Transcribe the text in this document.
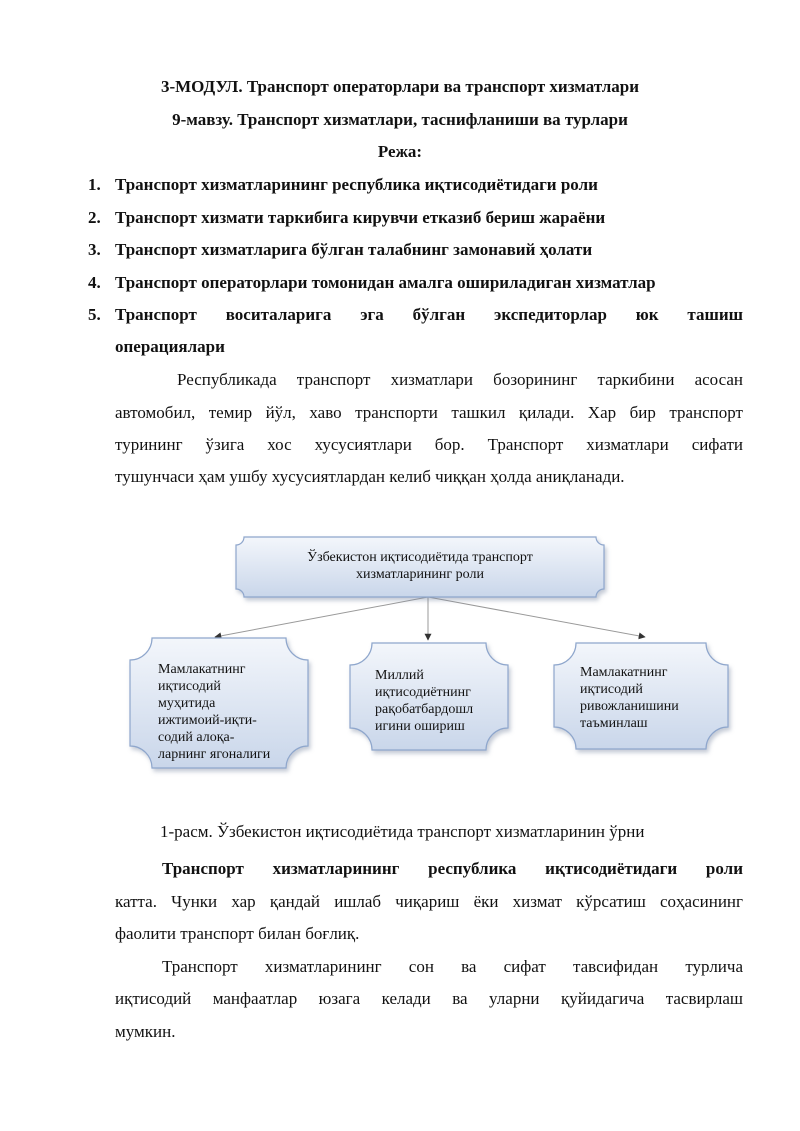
3-МОДУЛ. Транспорт операторлари ва транспорт хизматлари
9-мавзу. Транспорт хизматлари, таснифланиши ва турлари
Режа:
1. Транспорт хизматларининг республика иқтисодиётидаги роли
2. Транспорт хизмати таркибига кирувчи етказиб бериш жараёни
3. Транспорт хизматларига бўлган талабнинг замонавий ҳолати
4. Транспорт операторлари томонидан амалга ошириладиган хизматлар
5. Транспорт воситаларига эга бўлган экспедиторлар юк ташиш
операциялари
Республикада транспорт хизматлари бозорининг таркибини асосан
автомобил, темир йўл, хаво транспорти ташкил қилади. Хар бир транспорт
турининг ўзига хос хусусиятлари бор. Транспорт хизматлари сифати
тушунчаси ҳам ушбу хусусиятлардан келиб чиққан ҳолда аниқланади.
Ўзбекистон иқтисодиётида транспорт
хизматларининг роли
Мамлакатнинг
иқтисодий
муҳитида
ижтимоий-иқти-
содий алоқа-
ларнинг ягоналиги
Миллий
иқтисодиётнинг
рақобатбардошл
игини ошириш
Мамлакатнинг
иқтисодий
ривожланишини
таъминлаш
1-расм. Ўзбекистон иқтисодиётида транспорт хизматларинин ўрни
Транспорт хизматларининг республика иқтисодиётидаги роли
катта. Чунки хар қандай ишлаб чиқариш ёки хизмат кўрсатиш соҳасининг
фаолити транспорт билан боғлиқ.
Транспорт хизматларининг сон ва сифат тавсифидан турлича
иқтисодий манфаатлар юзага келади ва уларни қуйидагича тасвирлаш
мумкин.
